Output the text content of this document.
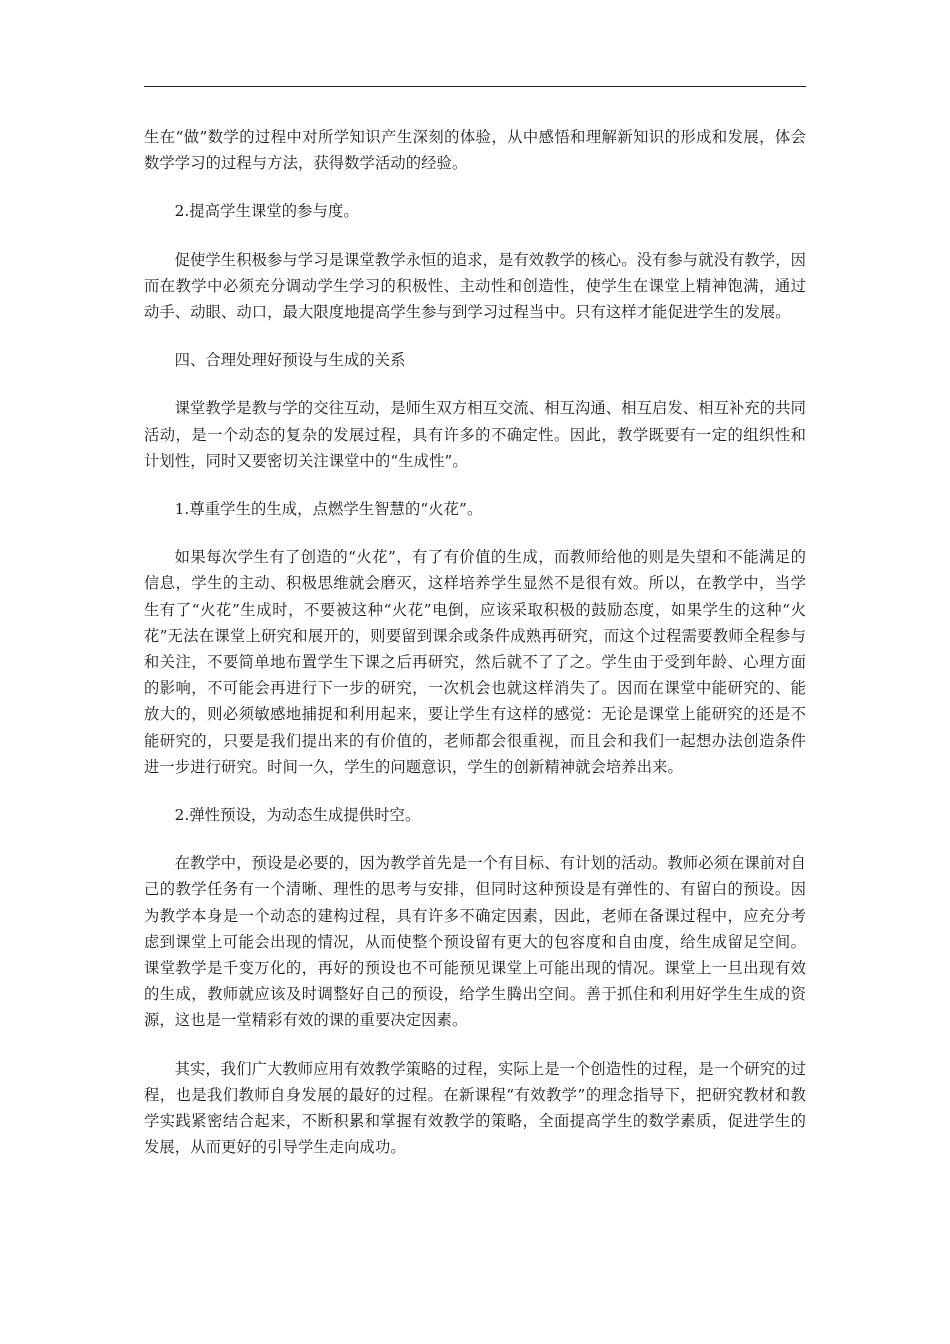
生在“做”数学的过程中对所学知识产生深刻的体验，从中感悟和理解新知识的形成和发展，体会数学学习的过程与方法，获得数学活动的经验。

2.提高学生课堂的参与度。

促使学生积极参与学习是课堂教学永恒的追求，是有效教学的核心。没有参与就没有教学，因而在教学中必须充分调动学生学习的积极性、主动性和创造性，使学生在课堂上精神饱满，通过动手、动眼、动口，最大限度地提高学生参与到学习过程当中。只有这样才能促进学生的发展。

四、合理处理好预设与生成的关系

课堂教学是教与学的交往互动，是师生双方相互交流、相互沟通、相互启发、相互补充的共同活动，是一个动态的复杂的发展过程，具有许多的不确定性。因此，教学既要有一定的组织性和计划性，同时又要密切关注课堂中的“生成性”。

1.尊重学生的生成，点燃学生智慧的“火花”。

如果每次学生有了创造的“火花”，有了有价值的生成，而教师给他的则是失望和不能满足的信息，学生的主动、积极思维就会磨灭，这样培养学生显然不是很有效。所以，在教学中，当学生有了“火花”生成时，不要被这种“火花”电倒，应该采取积极的鼓励态度，如果学生的这种“火花”无法在课堂上研究和展开的，则要留到课余或条件成熟再研究，而这个过程需要教师全程参与和关注，不要简单地布置学生下课之后再研究，然后就不了了之。学生由于受到年龄、心理方面的影响，不可能会再进行下一步的研究，一次机会也就这样消失了。因而在课堂中能研究的、能放大的，则必须敏感地捕捉和利用起来，要让学生有这样的感觉：无论是课堂上能研究的还是不能研究的，只要是我们提出来的有价值的，老师都会很重视，而且会和我们一起想办法创造条件进一步进行研究。时间一久，学生的问题意识，学生的创新精神就会培养出来。

2.弹性预设，为动态生成提供时空。

在教学中，预设是必要的，因为教学首先是一个有目标、有计划的活动。教师必须在课前对自己的教学任务有一个清晰、理性的思考与安排，但同时这种预设是有弹性的、有留白的预设。因为教学本身是一个动态的建构过程，具有许多不确定因素，因此，老师在备课过程中，应充分考虑到课堂上可能会出现的情况，从而使整个预设留有更大的包容度和自由度，给生成留足空间。课堂教学是千变万化的，再好的预设也不可能预见课堂上可能出现的情况。课堂上一旦出现有效的生成，教师就应该及时调整好自己的预设，给学生腾出空间。善于抓住和利用好学生生成的资源，这也是一堂精彩有效的课的重要决定因素。

其实，我们广大教师应用有效教学策略的过程，实际上是一个创造性的过程，是一个研究的过程，也是我们教师自身发展的最好的过程。在新课程“有效教学”的理念指导下，把研究教材和教学实践紧密结合起来，不断积累和掌握有效教学的策略，全面提高学生的数学素质，促进学生的发展，从而更好的引导学生走向成功。
